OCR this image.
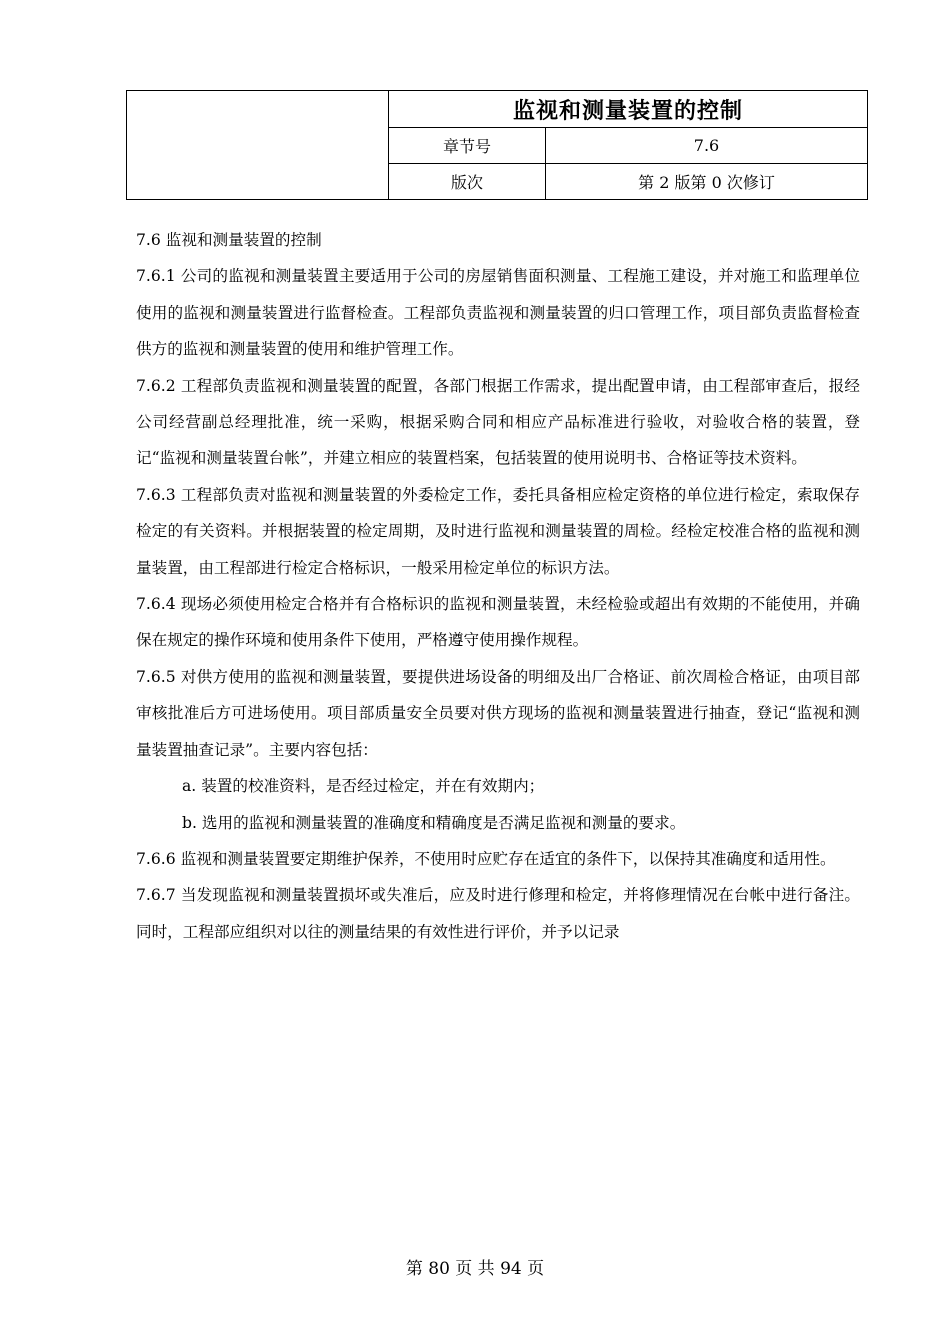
	监视和测量装置的控制	
	章节号	7.6
	版次	第 2 版第 0 次修订

7.6 监视和测量装置的控制

7.6.1 公司的监视和测量装置主要适用于公司的房屋销售面积测量、工程施工建设，并对施工和监理单位使用的监视和测量装置进行监督检查。工程部负责监视和测量装置的归口管理工作，项目部负责监督检查供方的监视和测量装置的使用和维护管理工作。

7.6.2 工程部负责监视和测量装置的配置，各部门根据工作需求，提出配置申请，由工程部审查后，报经公司经营副总经理批准，统一采购，根据采购合同和相应产品标准进行验收，对验收合格的装置，登记“监视和测量装置台帐”，并建立相应的装置档案，包括装置的使用说明书、合格证等技术资料。

7.6.3 工程部负责对监视和测量装置的外委检定工作，委托具备相应检定资格的单位进行检定，索取保存检定的有关资料。并根据装置的检定周期，及时进行监视和测量装置的周检。经检定校准合格的监视和测量装置，由工程部进行检定合格标识，一般采用检定单位的标识方法。

7.6.4 现场必须使用检定合格并有合格标识的监视和测量装置，未经检验或超出有效期的不能使用，并确保在规定的操作环境和使用条件下使用，严格遵守使用操作规程。

7.6.5 对供方使用的监视和测量装置，要提供进场设备的明细及出厂合格证、前次周检合格证，由项目部审核批准后方可进场使用。项目部质量安全员要对供方现场的监视和测量装置进行抽查，登记“监视和测量装置抽查记录”。主要内容包括：

a. 装置的校准资料，是否经过检定，并在有效期内；

b. 选用的监视和测量装置的准确度和精确度是否满足监视和测量的要求。

7.6.6 监视和测量装置要定期维护保养，不使用时应贮存在适宜的条件下，以保持其准确度和适用性。

7.6.7 当发现监视和测量装置损坏或失准后，应及时进行修理和检定，并将修理情况在台帐中进行备注。同时，工程部应组织对以往的测量结果的有效性进行评价，并予以记录

第 80 页 共 94 页
